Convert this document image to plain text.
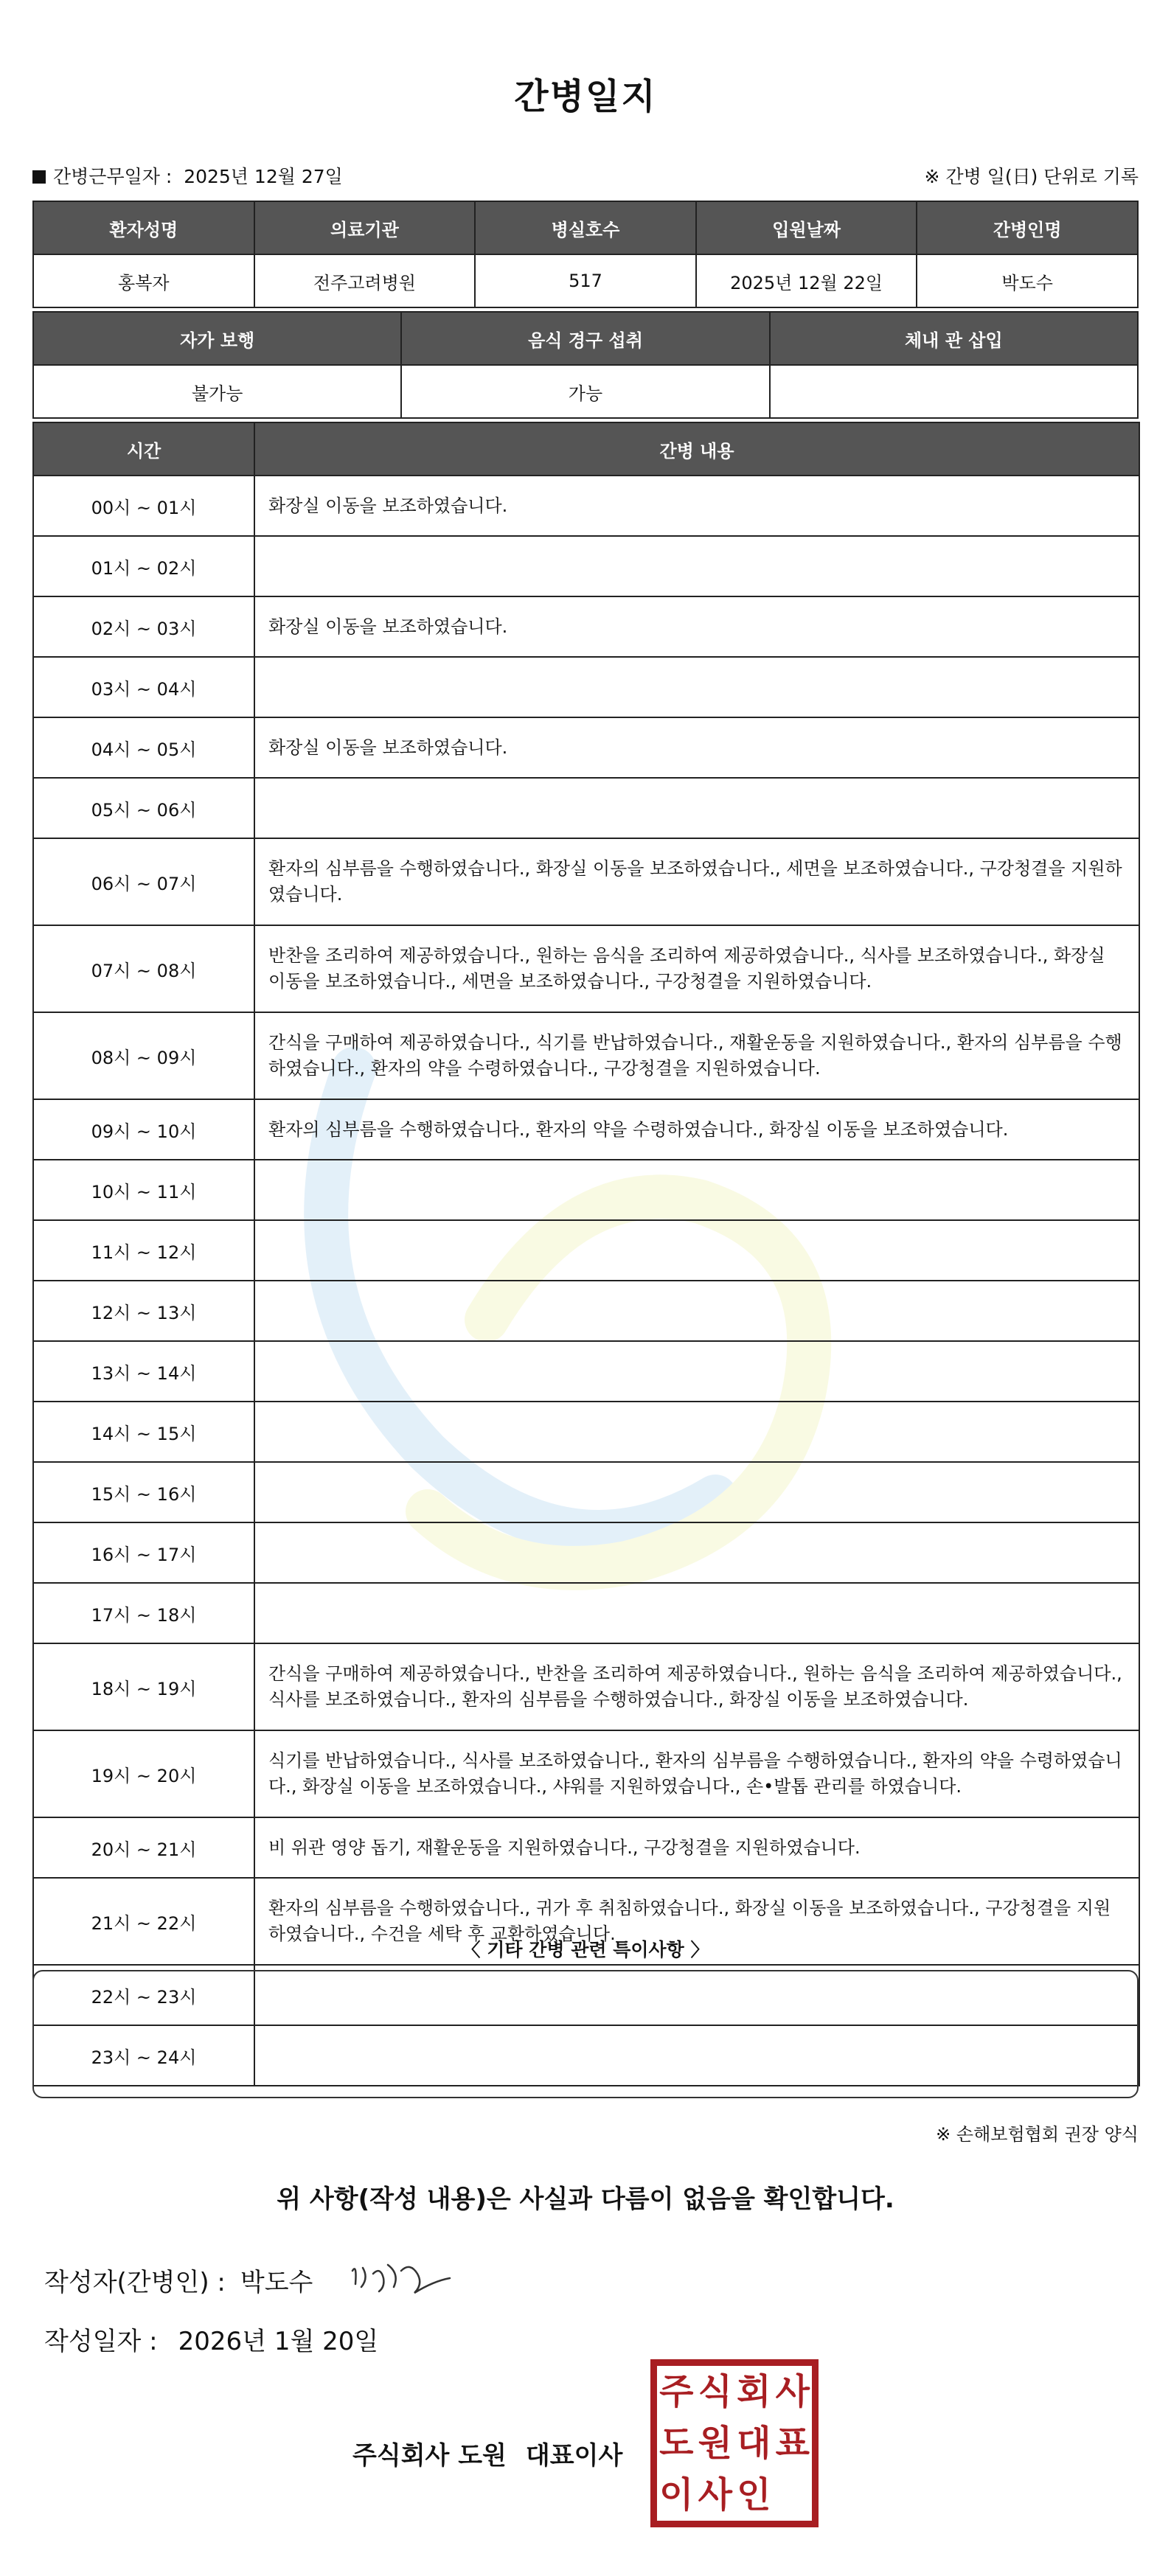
간병일지
간병근무일자 : 2025년 12월 27일	※ 간병 일(日) 단위로 기록
환자성명	의료기관	병실호수	입원날짜	간병인명
홍복자	전주고려병원	517	2025년 12월 22일	박도수
자가 보행	음식 경구 섭취	체내 관 삽입
불가능	가능	
시간	간병 내용
00시 ~ 01시	화장실 이동을 보조하였습니다.
01시 ~ 02시	
02시 ~ 03시	화장실 이동을 보조하였습니다.
03시 ~ 04시	
04시 ~ 05시	화장실 이동을 보조하였습니다.
05시 ~ 06시	
06시 ~ 07시	환자의 심부름을 수행하였습니다., 화장실 이동을 보조하였습니다., 세면을 보조하였습니다., 구강청결을 지원하였습니다.
07시 ~ 08시	반찬을 조리하여 제공하였습니다., 원하는 음식을 조리하여 제공하였습니다., 식사를 보조하였습니다., 화장실 이동을 보조하였습니다., 세면을 보조하였습니다., 구강청결을 지원하였습니다.
08시 ~ 09시	간식을 구매하여 제공하였습니다., 식기를 반납하였습니다., 재활운동을 지원하였습니다., 환자의 심부름을 수행하였습니다., 환자의 약을 수령하였습니다., 구강청결을 지원하였습니다.
09시 ~ 10시	환자의 심부름을 수행하였습니다., 환자의 약을 수령하였습니다., 화장실 이동을 보조하였습니다.
10시 ~ 11시	
11시 ~ 12시	
12시 ~ 13시	
13시 ~ 14시	
14시 ~ 15시	
15시 ~ 16시	
16시 ~ 17시	
17시 ~ 18시	
18시 ~ 19시	간식을 구매하여 제공하였습니다., 반찬을 조리하여 제공하였습니다., 원하는 음식을 조리하여 제공하였습니다., 식사를 보조하였습니다., 환자의 심부름을 수행하였습니다., 화장실 이동을 보조하였습니다.
19시 ~ 20시	식기를 반납하였습니다., 식사를 보조하였습니다., 환자의 심부름을 수행하였습니다., 환자의 약을 수령하였습니다., 화장실 이동을 보조하였습니다., 샤워를 지원하였습니다., 손•발톱 관리를 하였습니다.
20시 ~ 21시	비 위관 영양 돕기, 재활운동을 지원하였습니다., 구강청결을 지원하였습니다.
21시 ~ 22시	환자의 심부름을 수행하였습니다., 귀가 후 취침하였습니다., 화장실 이동을 보조하였습니다., 구강청결을 지원하였습니다., 수건을 세탁 후 교환하였습니다.
22시 ~ 23시	
23시 ~ 24시	
〈 기타 간병 관련 특이사항 〉
※ 손해보험협회 권장 양식
위 사항(작성 내용)은 사실과 다름이 없음을 확인합니다.
작성자(간병인) : 박도수
작성일자 : 2026년 1월 20일
주식회사 도원 대표이사
주 식 회 사
도 원 대 표
이 사 인
